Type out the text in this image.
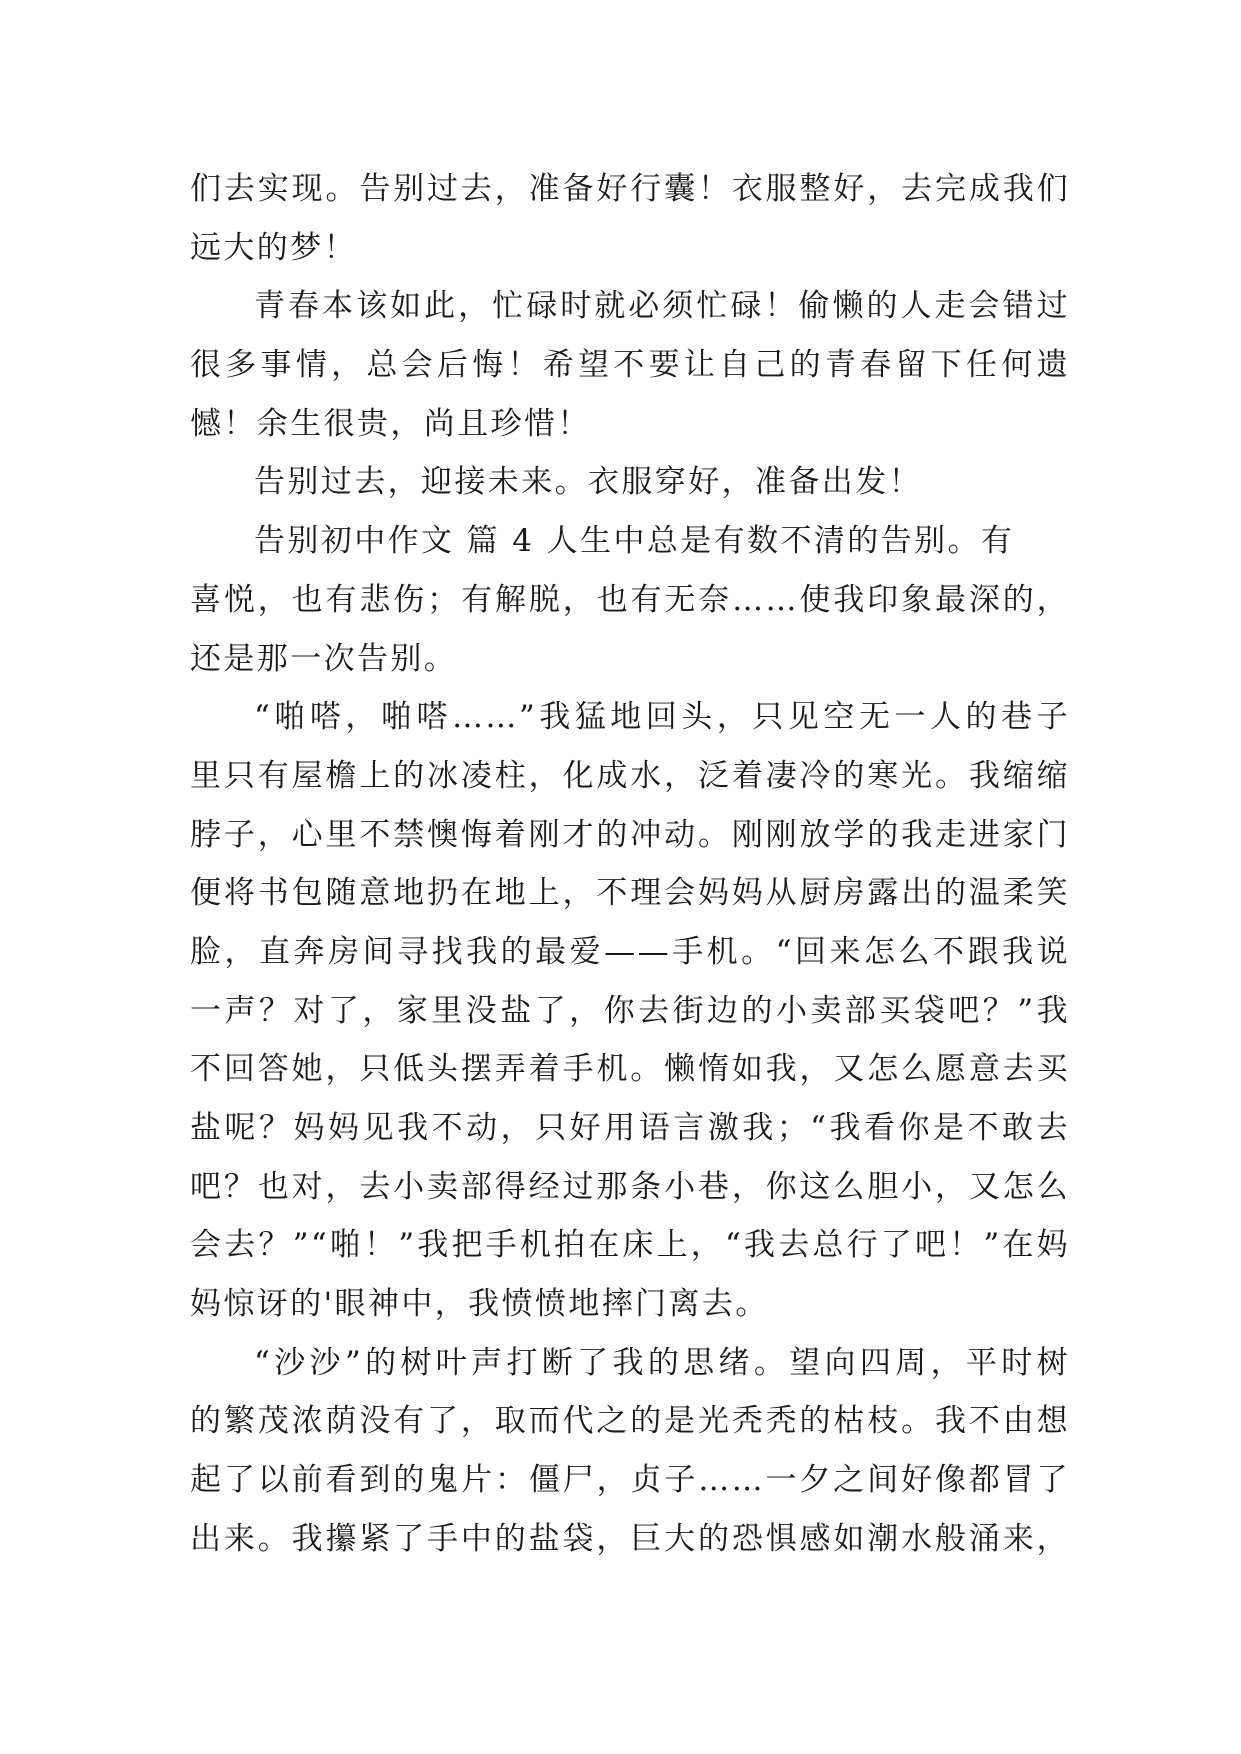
们去实现。告别过去，准备好行囊！衣服整好，去完成我们
远大的梦！
青春本该如此，忙碌时就必须忙碌！偷懒的人走会错过
很多事情，总会后悔！希望不要让自己的青春留下任何遗
憾！余生很贵，尚且珍惜！
告别过去，迎接未来。衣服穿好，准备出发！
告别初中作文 篇 4 人生中总是有数不清的告别。有
喜悦，也有悲伤；有解脱，也有无奈……使我印象最深的，
还是那一次告别。
“啪嗒，啪嗒……”我猛地回头，只见空无一人的巷子
里只有屋檐上的冰凌柱，化成水，泛着凄冷的寒光。我缩缩
脖子，心里不禁懊悔着刚才的冲动。刚刚放学的我走进家门
便将书包随意地扔在地上，不理会妈妈从厨房露出的温柔笑
脸，直奔房间寻找我的最爱——手机。“回来怎么不跟我说
一声？对了，家里没盐了，你去街边的小卖部买袋吧？”我
不回答她，只低头摆弄着手机。懒惰如我，又怎么愿意去买
盐呢？妈妈见我不动，只好用语言激我；“我看你是不敢去
吧？也对，去小卖部得经过那条小巷，你这么胆小，又怎么
会去？”“啪！”我把手机拍在床上，“我去总行了吧！”在妈
妈惊讶的'眼神中，我愤愤地摔门离去。
“沙沙”的树叶声打断了我的思绪。望向四周，平时树
的繁茂浓荫没有了，取而代之的是光秃秃的枯枝。我不由想
起了以前看到的鬼片：僵尸，贞子……一夕之间好像都冒了
出来。我攥紧了手中的盐袋，巨大的恐惧感如潮水般涌来，
